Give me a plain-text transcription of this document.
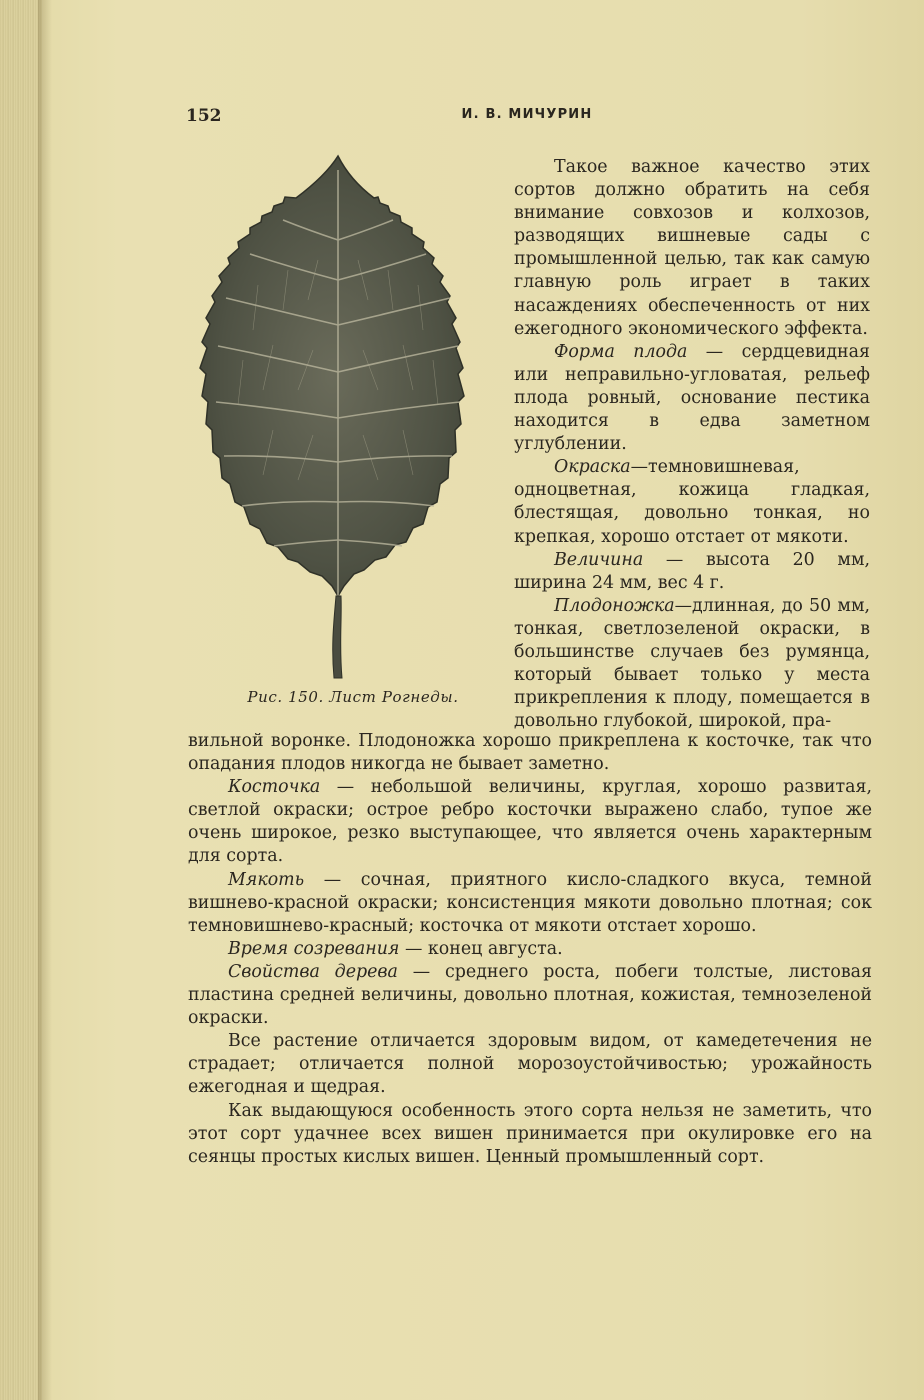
152	И. В. МИЧУРИН
Рис. 150. Лист Рогнеды.

Такое важное качество этих сортов должно обратить на себя внимание совхозов и колхозов, разводящих вишневые сады с промышленной целью, так как самую главную роль играет в таких насаждениях обеспеченность от них ежегодного экономического эффекта.

Форма плода — сердцевидная или неправильно-угловатая, рельеф плода ровный, основание пестика находится в едва заметном углублении.

Окраска—темновишневая, одноцветная, кожица гладкая, блестящая, довольно тонкая, но крепкая, хорошо отстает от мякоти.

Величина — высота 20 мм, ширина 24 мм, вес 4 г.

Плодоножка—длинная, до 50 мм, тонкая, светлозеленой окраски, в большинстве случаев без румянца, который бывает только у места прикрепления к плоду, помещается в довольно глубокой, широкой, пра-

вильной воронке. Плодоножка хорошо прикреплена к косточке, так что опадания плодов никогда не бывает заметно.

Косточка — небольшой величины, круглая, хорошо развитая, светлой окраски; острое ребро косточки выражено слабо, тупое же очень широкое, резко выступающее, что является очень характерным для сорта.

Мякоть — сочная, приятного кисло-сладкого вкуса, темной вишнево-красной окраски; консистенция мякоти довольно плотная; сок темновишнево-красный; косточка от мякоти отстает хорошо.

Время созревания — конец августа.

Свойства дерева — среднего роста, побеги толстые, листовая пластина средней величины, довольно плотная, кожистая, темнозеленой окраски.

Все растение отличается здоровым видом, от камедетечения не страдает; отличается полной морозоустойчивостью; урожайность ежегодная и щедрая.

Как выдающуюся особенность этого сорта нельзя не заметить, что этот сорт удачнее всех вишен принимается при окулировке его на сеянцы простых кислых вишен. Ценный промышленный сорт.
